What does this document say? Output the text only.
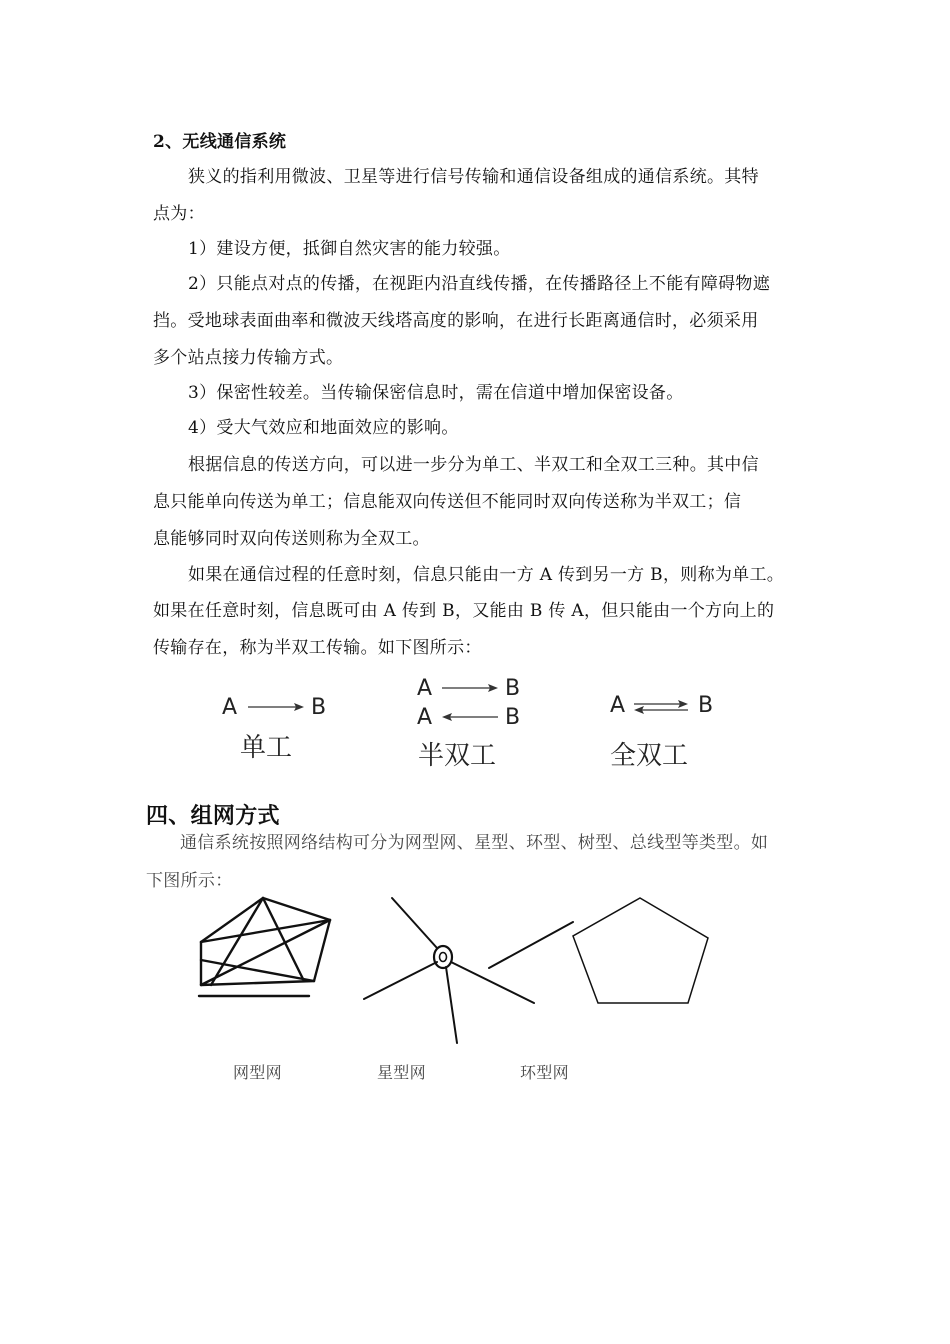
2、无线通信系统
狭义的指利用微波、卫星等进行信号传输和通信设备组成的通信系统。其特
点为：
1）建设方便，抵御自然灾害的能力较强。
2）只能点对点的传播，在视距内沿直线传播，在传播路径上不能有障碍物遮
挡。受地球表面曲率和微波天线塔高度的影响，在进行长距离通信时，必须采用
多个站点接力传输方式。
3）保密性较差。当传输保密信息时，需在信道中增加保密设备。
4）受大气效应和地面效应的影响。
根据信息的传送方向，可以进一步分为单工、半双工和全双工三种。其中信
息只能单向传送为单工；信息能双向传送但不能同时双向传送称为半双工；信
息能够同时双向传送则称为全双工。
如果在通信过程的任意时刻，信息只能由一方 A 传到另一方 B，则称为单工。
如果在任意时刻，信息既可由 A 传到 B，又能由 B 传 A，但只能由一个方向上的
传输存在，称为半双工传输。如下图所示：
A	B
单工
A	B
A	B
半双工
A	B
全双工
四、组网方式
通信系统按照网络结构可分为网型网、星型、环型、树型、总线型等类型。如
下图所示：
网型网	星型网	环型网
